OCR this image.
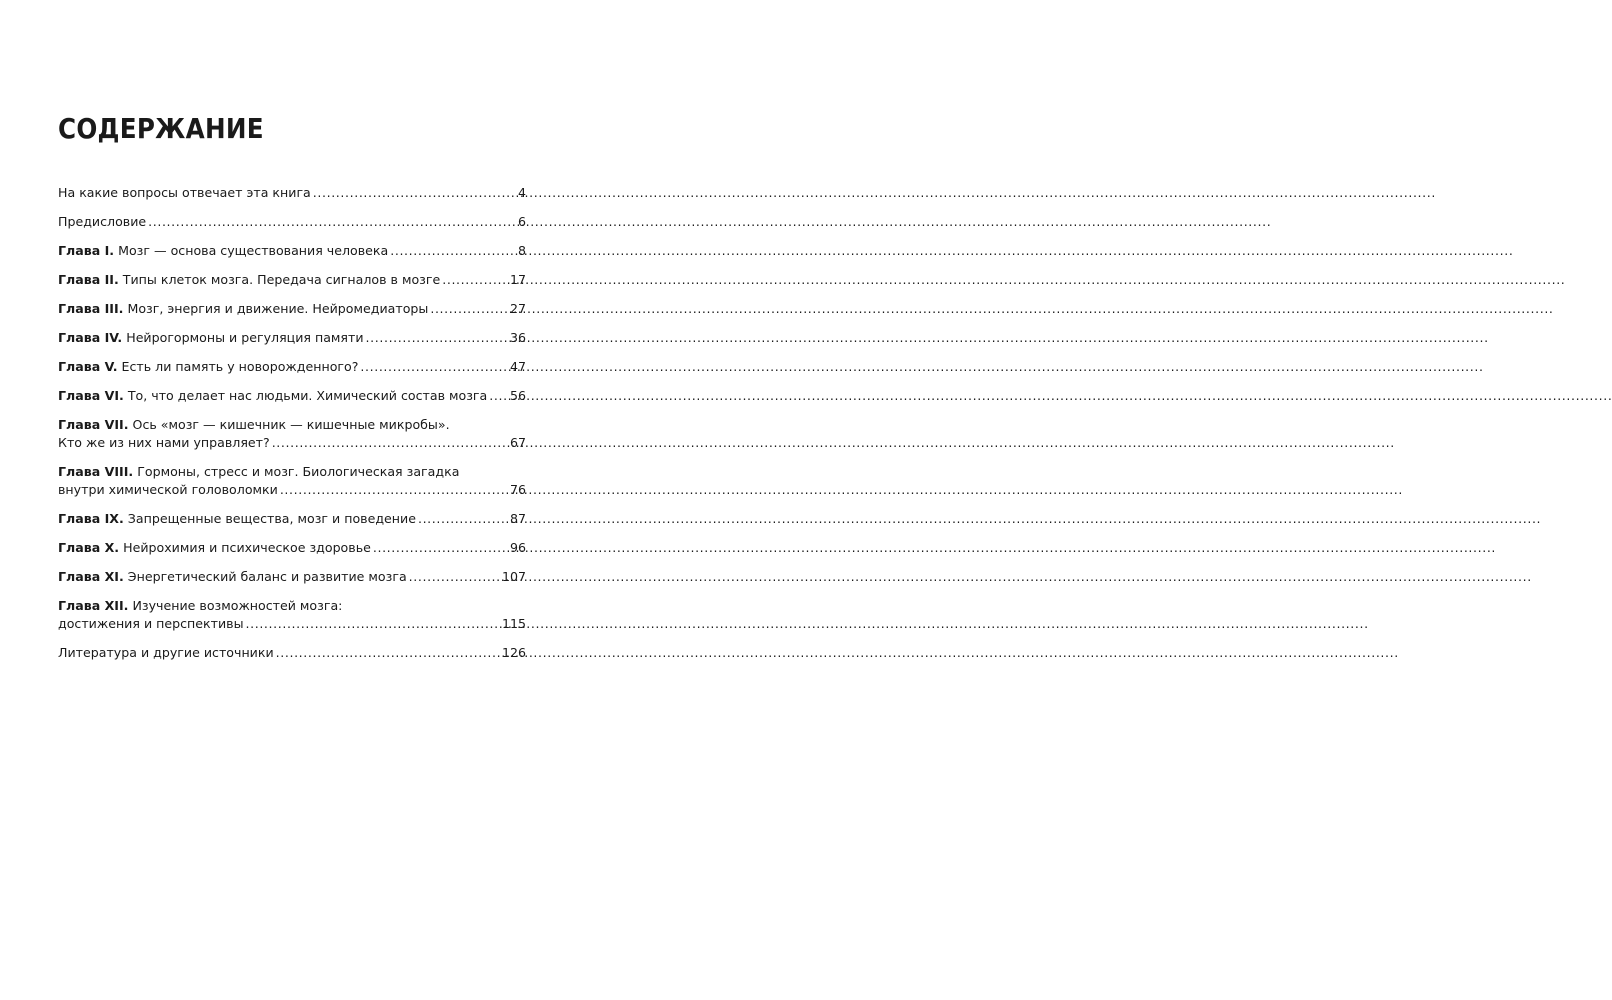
СОДЕРЖАНИЕ
На какие вопросы отвечает эта книга .....	4
Предисловие .....	6
Глава I. Мозг — основа существования человека .....	8
Глава II. Типы клеток мозга. Передача сигналов в мозге .....	17
Глава III. Мозг, энергия и движение. Нейромедиаторы .....	27
Глава IV. Нейрогормоны и регуляция памяти .....	36
Глава V. Есть ли память у новорожденного? .....	47
Глава VI. То, что делает нас людьми. Химический состав мозга ..... 56
Глава VII. Ось «мозг — кишечник — кишечные микробы».
Кто же из них нами управляет? .....	67
Глава VIII. Гормоны, стресс и мозг. Биологическая загадка
внутри химической головоломки .....	76
Глава IX. Запрещенные вещества, мозг и поведение .....	87
Глава X. Нейрохимия и психическое здоровье .....	96
Глава XI. Энергетический баланс и развитие мозга .....	107
Глава XII. Изучение возможностей мозга:
достижения и перспективы .....	115
Литература и другие источники .....	126
